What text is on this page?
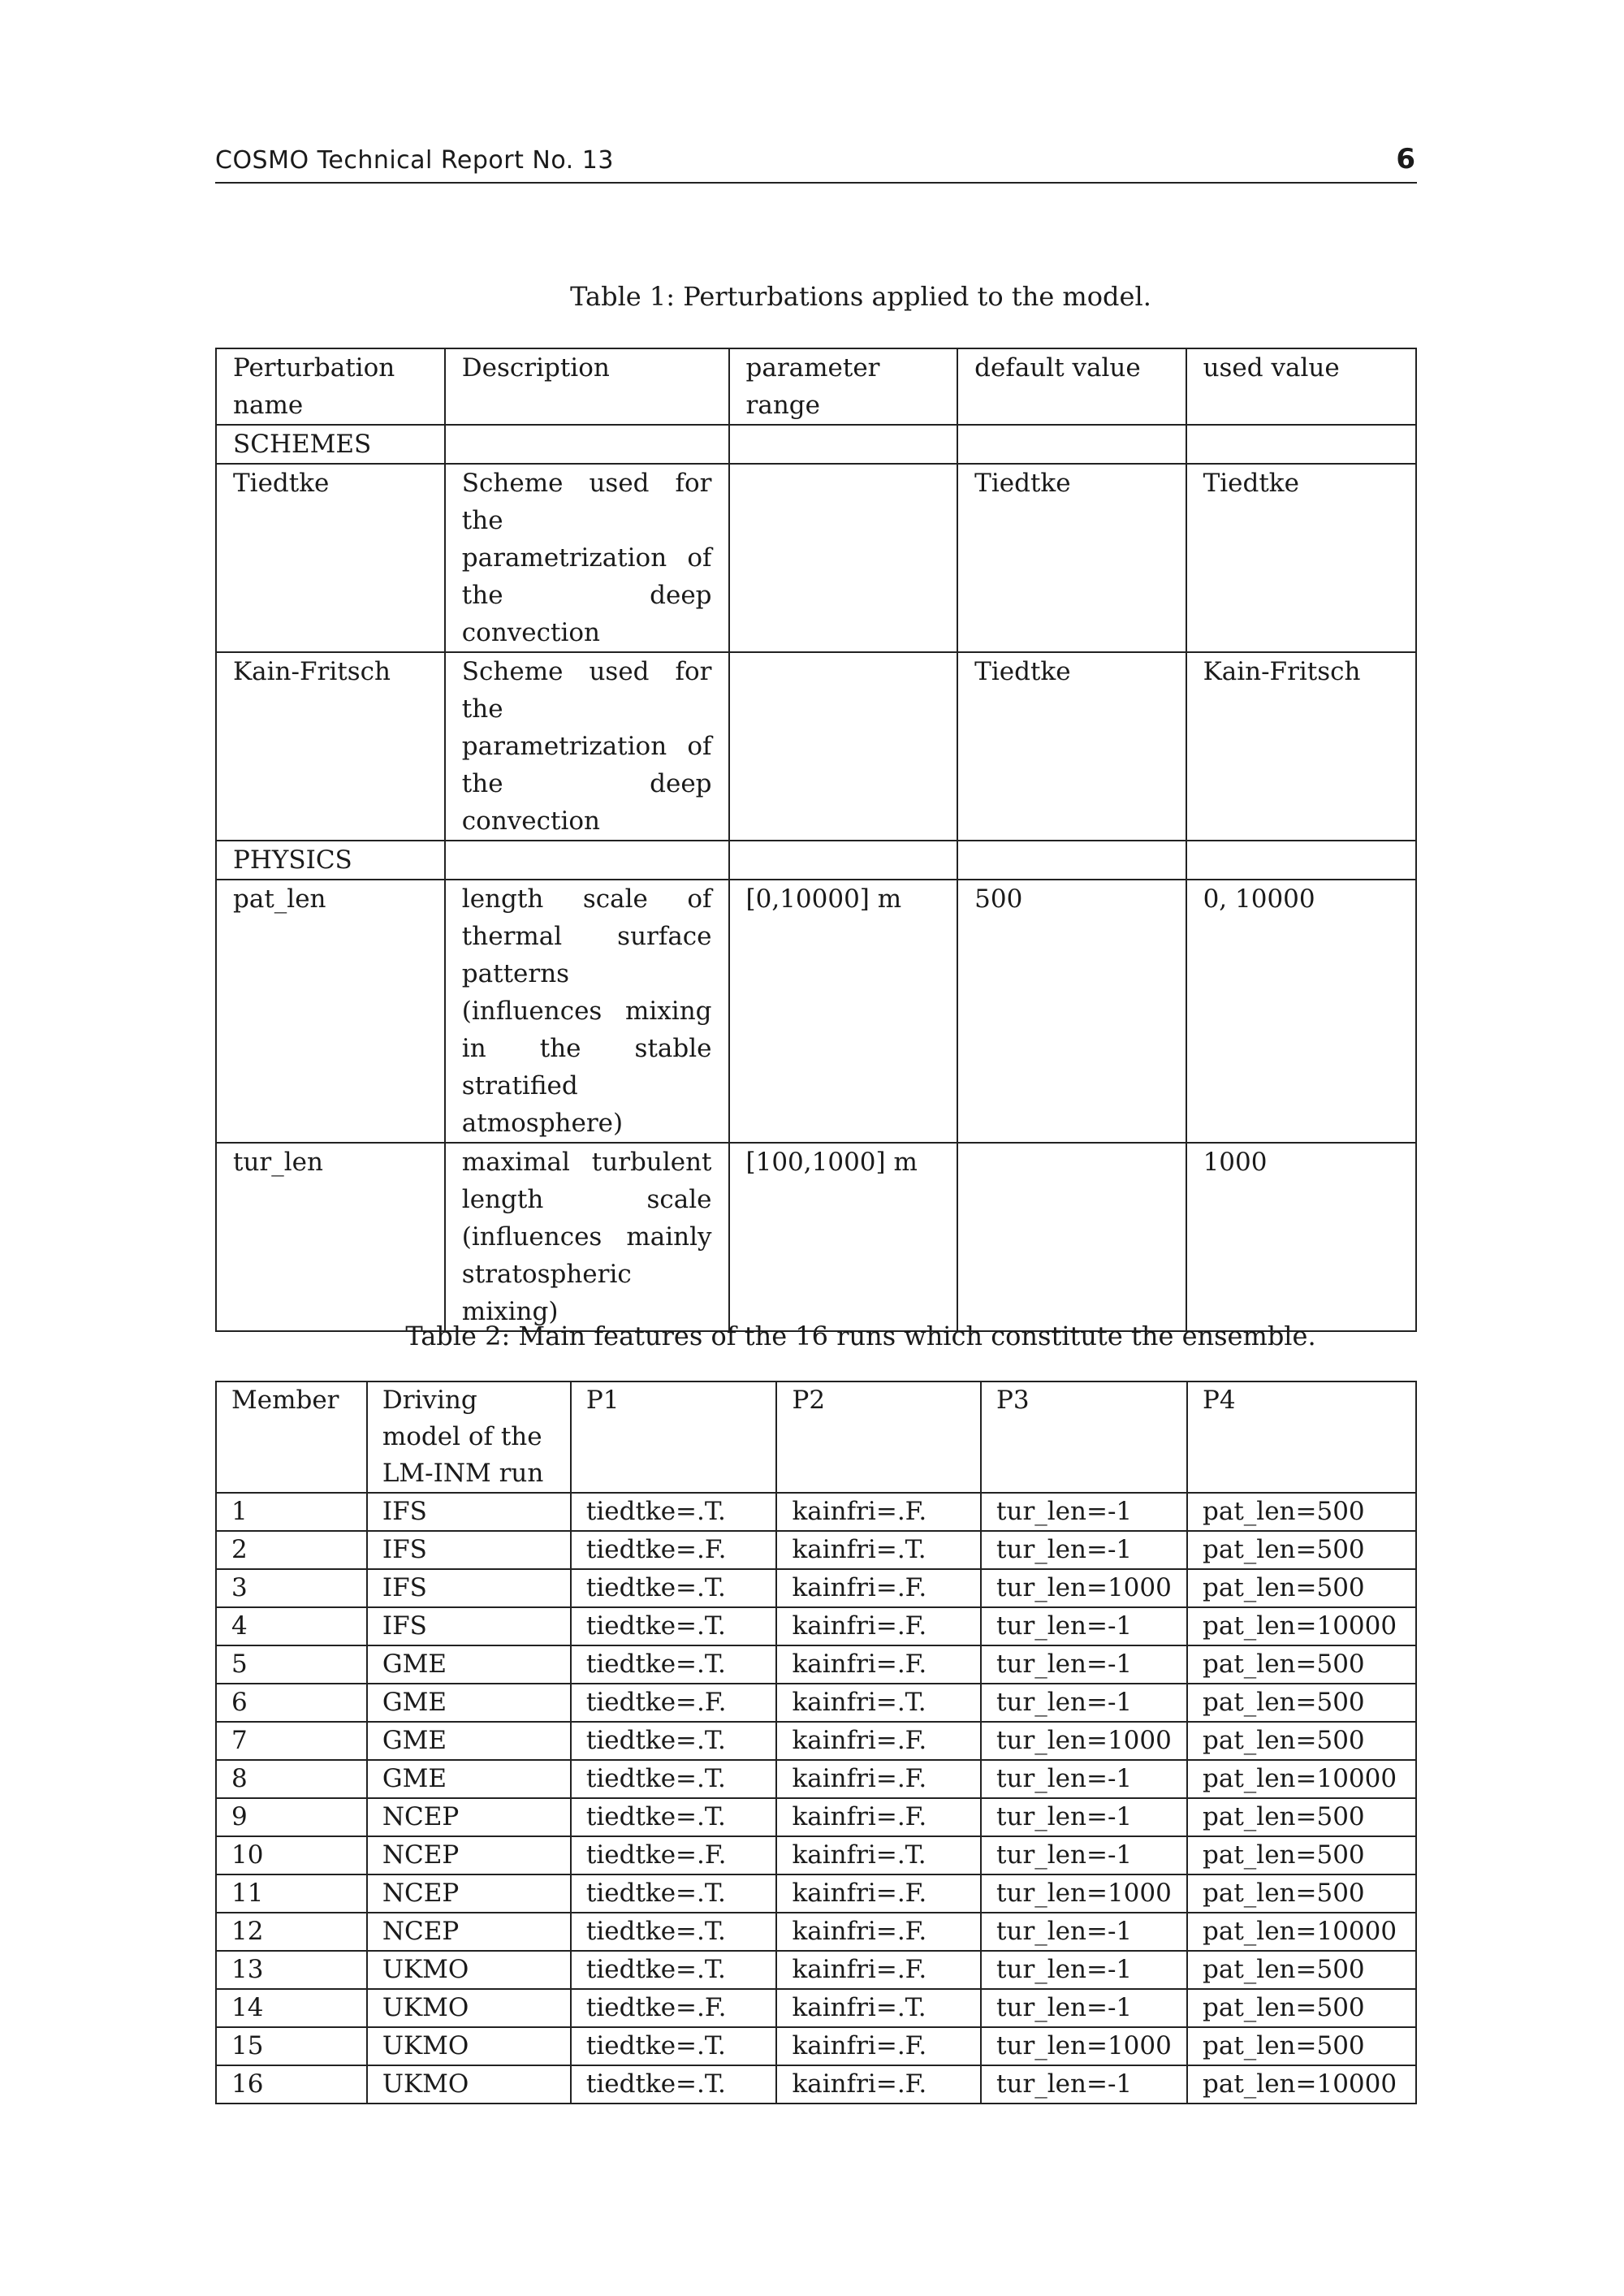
COSMO Technical Report No. 13	6
Table 1: Perturbations applied to the model.
Perturbation name	Description	parameter range	default value	used value
SCHEMES				
Tiedtke	Scheme used for the parametrization of the deep convection		Tiedtke	Tiedtke
Kain-Fritsch	Scheme used for the parametrization of the deep convection		Tiedtke	Kain-Fritsch
PHYSICS				
pat_len	length scale of thermal surface patterns (influences mixing in the stable stratified atmosphere)	[0,10000] m	500	0, 10000
tur_len	maximal turbulent length scale (influences mainly stratospheric mixing)	[100,1000] m		1000
Table 2: Main features of the 16 runs which constitute the ensemble.
Member	Driving model of the LM-INM run	P1	P2	P3	P4
1	IFS	tiedtke=.T.	kainfri=.F.	tur_len=-1	pat_len=500
2	IFS	tiedtke=.F.	kainfri=.T.	tur_len=-1	pat_len=500
3	IFS	tiedtke=.T.	kainfri=.F.	tur_len=1000	pat_len=500
4	IFS	tiedtke=.T.	kainfri=.F.	tur_len=-1	pat_len=10000
5	GME	tiedtke=.T.	kainfri=.F.	tur_len=-1	pat_len=500
6	GME	tiedtke=.F.	kainfri=.T.	tur_len=-1	pat_len=500
7	GME	tiedtke=.T.	kainfri=.F.	tur_len=1000	pat_len=500
8	GME	tiedtke=.T.	kainfri=.F.	tur_len=-1	pat_len=10000
9	NCEP	tiedtke=.T.	kainfri=.F.	tur_len=-1	pat_len=500
10	NCEP	tiedtke=.F.	kainfri=.T.	tur_len=-1	pat_len=500
11	NCEP	tiedtke=.T.	kainfri=.F.	tur_len=1000	pat_len=500
12	NCEP	tiedtke=.T.	kainfri=.F.	tur_len=-1	pat_len=10000
13	UKMO	tiedtke=.T.	kainfri=.F.	tur_len=-1	pat_len=500
14	UKMO	tiedtke=.F.	kainfri=.T.	tur_len=-1	pat_len=500
15	UKMO	tiedtke=.T.	kainfri=.F.	tur_len=1000	pat_len=500
16	UKMO	tiedtke=.T.	kainfri=.F.	tur_len=-1	pat_len=10000
